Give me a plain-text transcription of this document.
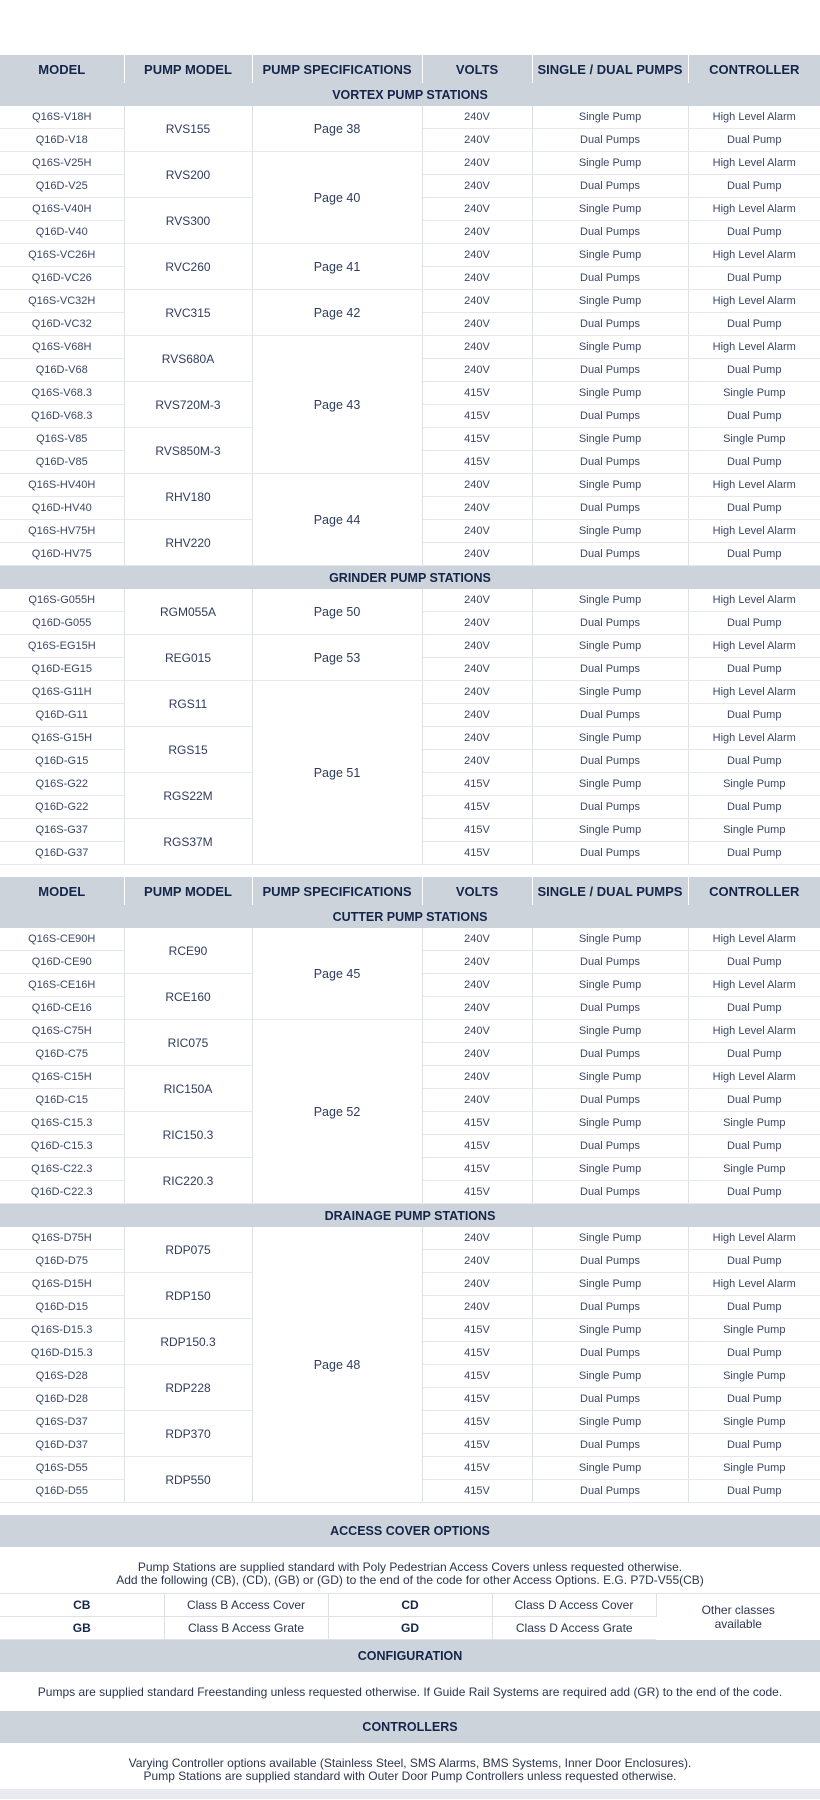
MODEL	PUMP MODEL	PUMP SPECIFICATIONS	VOLTS	SINGLE / DUAL PUMPS	CONTROLLER
VORTEX PUMP STATIONS					
Q16S-V18H	RVS155	Page 38	240V	Single Pump	High Level Alarm
Q16D-V18			240V	Dual Pumps	Dual Pump
Q16S-V25H	RVS200	Page 40	240V	Single Pump	High Level Alarm
Q16D-V25			240V	Dual Pumps	Dual Pump
Q16S-V40H	RVS300		240V	Single Pump	High Level Alarm
Q16D-V40			240V	Dual Pumps	Dual Pump
Q16S-VC26H	RVC260	Page 41	240V	Single Pump	High Level Alarm
Q16D-VC26			240V	Dual Pumps	Dual Pump
Q16S-VC32H	RVC315	Page 42	240V	Single Pump	High Level Alarm
Q16D-VC32			240V	Dual Pumps	Dual Pump
Q16S-V68H	RVS680A	Page 43	240V	Single Pump	High Level Alarm
Q16D-V68			240V	Dual Pumps	Dual Pump
Q16S-V68.3	RVS720M-3		415V	Single Pump	Single Pump
Q16D-V68.3			415V	Dual Pumps	Dual Pump
Q16S-V85	RVS850M-3		415V	Single Pump	Single Pump
Q16D-V85			415V	Dual Pumps	Dual Pump
Q16S-HV40H	RHV180	Page 44	240V	Single Pump	High Level Alarm
Q16D-HV40			240V	Dual Pumps	Dual Pump
Q16S-HV75H	RHV220		240V	Single Pump	High Level Alarm
Q16D-HV75			240V	Dual Pumps	Dual Pump
GRINDER PUMP STATIONS					
Q16S-G055H	RGM055A	Page 50	240V	Single Pump	High Level Alarm
Q16D-G055			240V	Dual Pumps	Dual Pump
Q16S-EG15H	REG015	Page 53	240V	Single Pump	High Level Alarm
Q16D-EG15			240V	Dual Pumps	Dual Pump
Q16S-G11H	RGS11	Page 51	240V	Single Pump	High Level Alarm
Q16D-G11			240V	Dual Pumps	Dual Pump
Q16S-G15H	RGS15		240V	Single Pump	High Level Alarm
Q16D-G15			240V	Dual Pumps	Dual Pump
Q16S-G22	RGS22M		415V	Single Pump	Single Pump
Q16D-G22			415V	Dual Pumps	Dual Pump
Q16S-G37	RGS37M		415V	Single Pump	Single Pump
Q16D-G37			415V	Dual Pumps	Dual Pump
MODEL	PUMP MODEL	PUMP SPECIFICATIONS	VOLTS	SINGLE / DUAL PUMPS	CONTROLLER
CUTTER PUMP STATIONS					
Q16S-CE90H	RCE90	Page 45	240V	Single Pump	High Level Alarm
Q16D-CE90			240V	Dual Pumps	Dual Pump
Q16S-CE16H	RCE160		240V	Single Pump	High Level Alarm
Q16D-CE16			240V	Dual Pumps	Dual Pump
Q16S-C75H	RIC075	Page 52	240V	Single Pump	High Level Alarm
Q16D-C75			240V	Dual Pumps	Dual Pump
Q16S-C15H	RIC150A		240V	Single Pump	High Level Alarm
Q16D-C15			240V	Dual Pumps	Dual Pump
Q16S-C15.3	RIC150.3		415V	Single Pump	Single Pump
Q16D-C15.3			415V	Dual Pumps	Dual Pump
Q16S-C22.3	RIC220.3		415V	Single Pump	Single Pump
Q16D-C22.3			415V	Dual Pumps	Dual Pump
DRAINAGE PUMP STATIONS					
Q16S-D75H	RDP075	Page 48	240V	Single Pump	High Level Alarm
Q16D-D75			240V	Dual Pumps	Dual Pump
Q16S-D15H	RDP150		240V	Single Pump	High Level Alarm
Q16D-D15			240V	Dual Pumps	Dual Pump
Q16S-D15.3	RDP150.3		415V	Single Pump	Single Pump
Q16D-D15.3			415V	Dual Pumps	Dual Pump
Q16S-D28	RDP228		415V	Single Pump	Single Pump
Q16D-D28			415V	Dual Pumps	Dual Pump
Q16S-D37	RDP370		415V	Single Pump	Single Pump
Q16D-D37			415V	Dual Pumps	Dual Pump
Q16S-D55	RDP550		415V	Single Pump	Single Pump
Q16D-D55			415V	Dual Pumps	Dual Pump
ACCESS COVER OPTIONS
Pump Stations are supplied standard with Poly Pedestrian Access Covers unless requested otherwise.
Add the following (CB), (CD), (GB) or (GD) to the end of the code for other Access Options. E.G. P7D-V55(CB)
CB	Class B Access Cover	CD	Class D Access Cover	Other classes
available
GB	Class B Access Grate	GD	Class D Access Grate	
CONFIGURATION
Pumps are supplied standard Freestanding unless requested otherwise. If Guide Rail Systems are required add (GR) to the end of the code.
CONTROLLERS
Varying Controller options available (Stainless Steel, SMS Alarms, BMS Systems, Inner Door Enclosures).
Pump Stations are supplied standard with Outer Door Pump Controllers unless requested otherwise.
